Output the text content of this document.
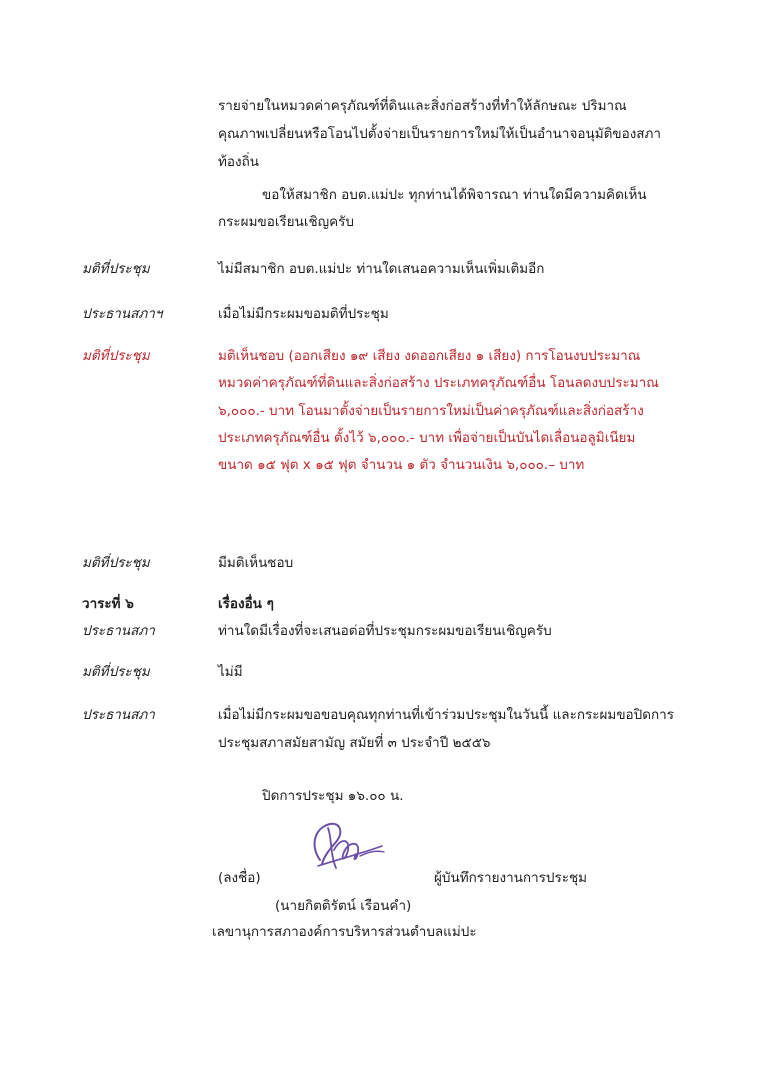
รายจ่ายในหมวดค่าครุภัณฑ์ที่ดินและสิ่งก่อสร้างที่ทำให้ลักษณะ ปริมาณ
คุณภาพเปลี่ยนหรือโอนไปตั้งจ่ายเป็นรายการใหม่ให้เป็นอำนาจอนุมัติของสภา
ท้องถิ่น
ขอให้สมาชิก อบต.แม่ปะ ทุกท่านได้พิจารณา ท่านใดมีความคิดเห็น
กระผมขอเรียนเชิญครับ
มติที่ประชุม	ไม่มีสมาชิก อบต.แม่ปะ ท่านใดเสนอความเห็นเพิ่มเติมอีก
ประธานสภาฯ	เมื่อไม่มีกระผมขอมติที่ประชุม
มติที่ประชุม	มติเห็นชอบ (ออกเสียง ๑๙ เสียง งดออกเสียง ๑ เสียง) การโอนงบประมาณ
หมวดค่าครุภัณฑ์ที่ดินและสิ่งก่อสร้าง ประเภทครุภัณฑ์อื่น โอนลดงบประมาณ
๖,๐๐๐.- บาท โอนมาตั้งจ่ายเป็นรายการใหม่เป็นค่าครุภัณฑ์และสิ่งก่อสร้าง
ประเภทครุภัณฑ์อื่น ตั้งไว้ ๖,๐๐๐.- บาท เพื่อจ่ายเป็นบันไดเลื่อนอลูมิเนียม
ขนาด ๑๕ ฟุต x ๑๕ ฟุต จำนวน ๑ ตัว จำนวนเงิน ๖,๐๐๐.– บาท
มติที่ประชุม	มีมติเห็นชอบ
วาระที่ ๖	เรื่องอื่น ๆ
ประธานสภา	ท่านใดมีเรื่องที่จะเสนอต่อที่ประชุมกระผมขอเรียนเชิญครับ
มติที่ประชุม	ไม่มี
ประธานสภา	เมื่อไม่มีกระผมขอขอบคุณทุกท่านที่เข้าร่วมประชุมในวันนี้ และกระผมขอปิดการ
ประชุมสภาสมัยสามัญ สมัยที่ ๓ ประจำปี ๒๕๕๖
ปิดการประชุม ๑๖.๐๐ น.
(ลงชื่อ)	ผู้บันทึกรายงานการประชุม
(นายกิตติรัตน์ เรือนคำ)
เลขานุการสภาองค์การบริหารส่วนตำบลแม่ปะ
